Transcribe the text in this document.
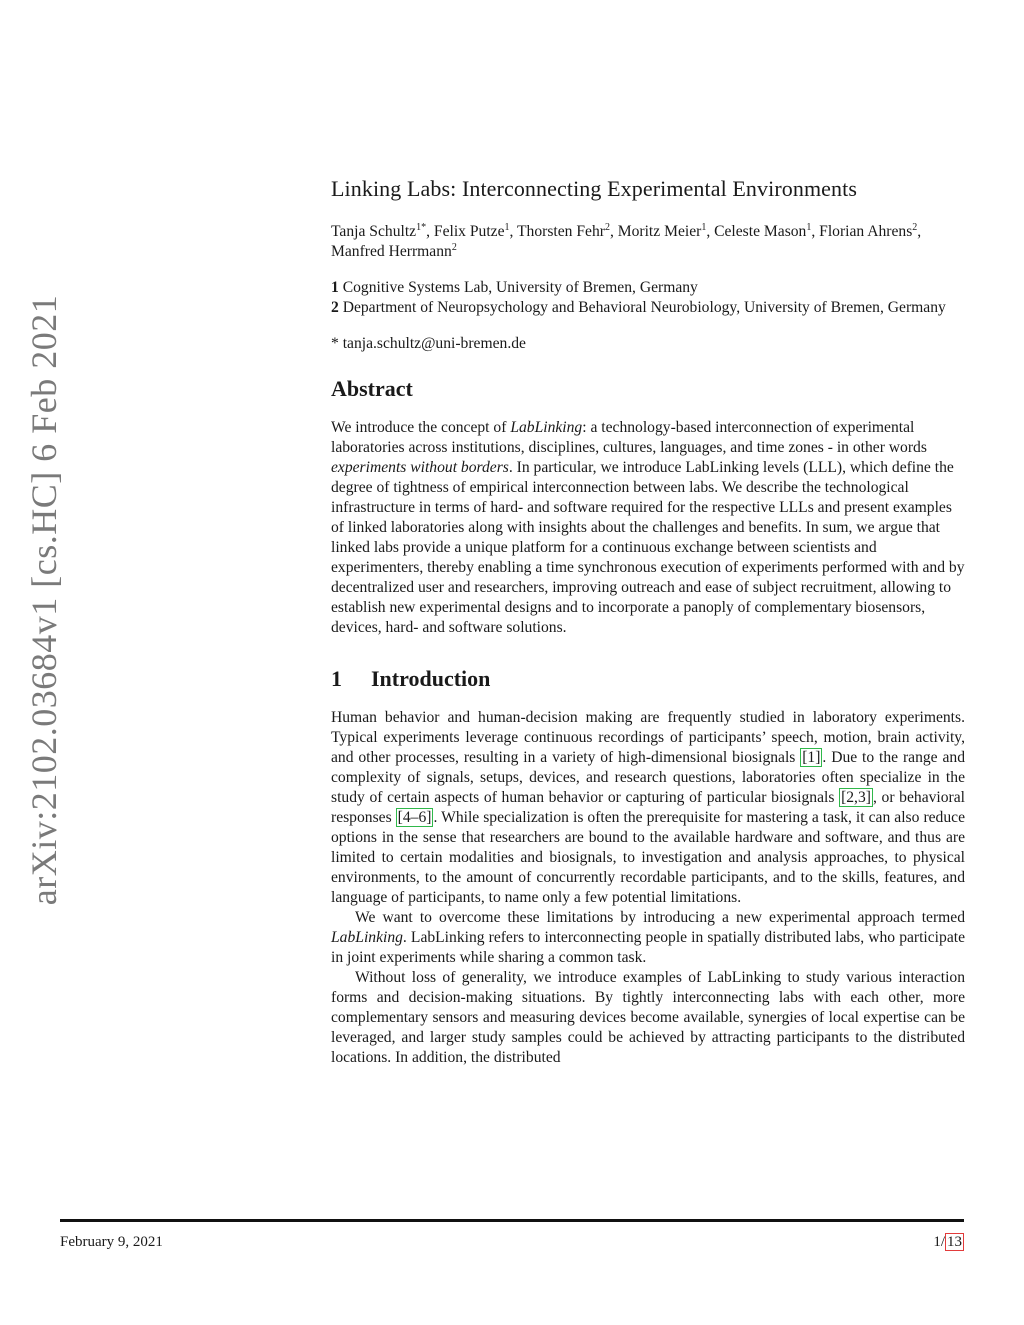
arXiv:2102.03684v1 [cs.HC] 6 Feb 2021
Linking Labs: Interconnecting Experimental Environments
Tanja Schultz$^{1*}$, Felix Putze$^1$, Thorsten Fehr$^2$, Moritz Meier$^1$, Celeste Mason$^1$, Florian Ahrens$^2$, Manfred Herrmann$^2$
1 Cognitive Systems Lab, University of Bremen, Germany
2 Department of Neuropsychology and Behavioral Neurobiology, University of Bremen, Germany
* tanja.schultz@uni-bremen.de
Abstract
We introduce the concept of LabLinking: a technology-based interconnection of experimental laboratories across institutions, disciplines, cultures, languages, and time zones - in other words experiments without borders. In particular, we introduce LabLinking levels (LLL), which define the degree of tightness of empirical interconnection between labs. We describe the technological infrastructure in terms of hard- and software required for the respective LLLs and present examples of linked laboratories along with insights about the challenges and benefits. In sum, we argue that linked labs provide a unique platform for a continuous exchange between scientists and experimenters, thereby enabling a time synchronous execution of experiments performed with and by decentralized user and researchers, improving outreach and ease of subject recruitment, allowing to establish new experimental designs and to incorporate a panoply of complementary biosensors, devices, hard- and software solutions.
1 Introduction

Human behavior and human-decision making are frequently studied in laboratory experiments. Typical experiments leverage continuous recordings of participants’ speech, motion, brain activity, and other processes, resulting in a variety of high-dimensional biosignals [1] . Due to the range and complexity of signals, setups, devices, and research questions, laboratories often specialize in the study of certain aspects of human behavior or capturing of particular biosignals [2,3] , or behavioral responses [4–6] . While specialization is often the prerequisite for mastering a task, it can also reduce options in the sense that researchers are bound to the available hardware and software, and thus are limited to certain modalities and biosignals, to investigation and analysis approaches, to physical environments, to the amount of concurrently recordable participants, and to the skills, features, and language of participants, to name only a few potential limitations.

We want to overcome these limitations by introducing a new experimental approach termed LabLinking. LabLinking refers to interconnecting people in spatially distributed labs, who participate in joint experiments while sharing a common task.

Without loss of generality, we introduce examples of LabLinking to study various interaction forms and decision-making situations. By tightly interconnecting labs with each other, more complementary sensors and measuring devices become available, synergies of local expertise can be leveraged, and larger study samples could be achieved by attracting participants to the distributed locations. In addition, the distributed

February 9, 2021	1/ 13
